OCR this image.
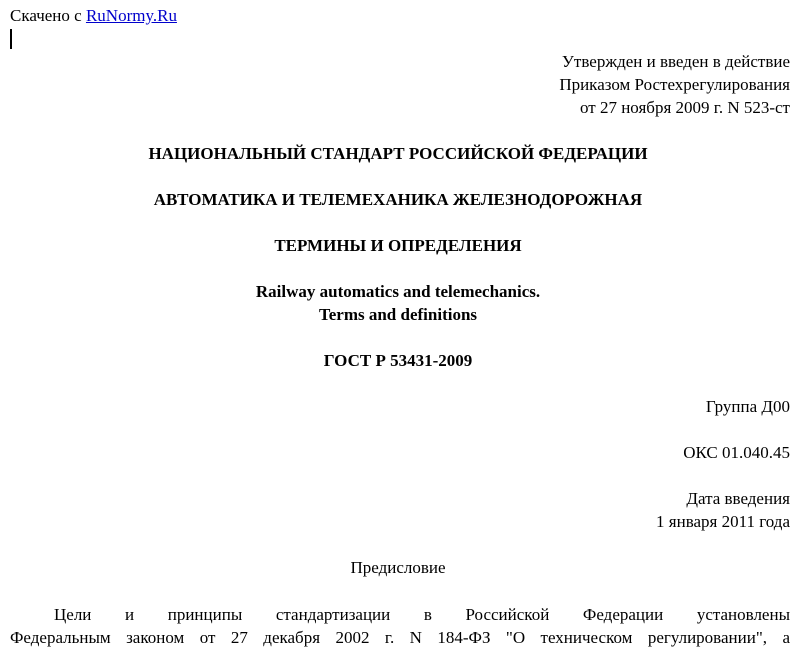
Скачено с RuNormy.Ru
Утвержден и введен в действие
Приказом Ростехрегулирования
от 27 ноября 2009 г. N 523-ст
НАЦИОНАЛЬНЫЙ СТАНДАРТ РОССИЙСКОЙ ФЕДЕРАЦИИ
АВТОМАТИКА И ТЕЛЕМЕХАНИКА ЖЕЛЕЗНОДОРОЖНАЯ
ТЕРМИНЫ И ОПРЕДЕЛЕНИЯ
Railway automatics and telemechanics.
Terms and definitions
ГОСТ Р 53431-2009
Группа Д00
ОКС 01.040.45
Дата введения
1 января 2011 года
Предисловие
Цели и принципы стандартизации в Российской Федерации установлены
Федеральным законом от 27 декабря 2002 г. N 184-ФЗ "О техническом регулировании", а
